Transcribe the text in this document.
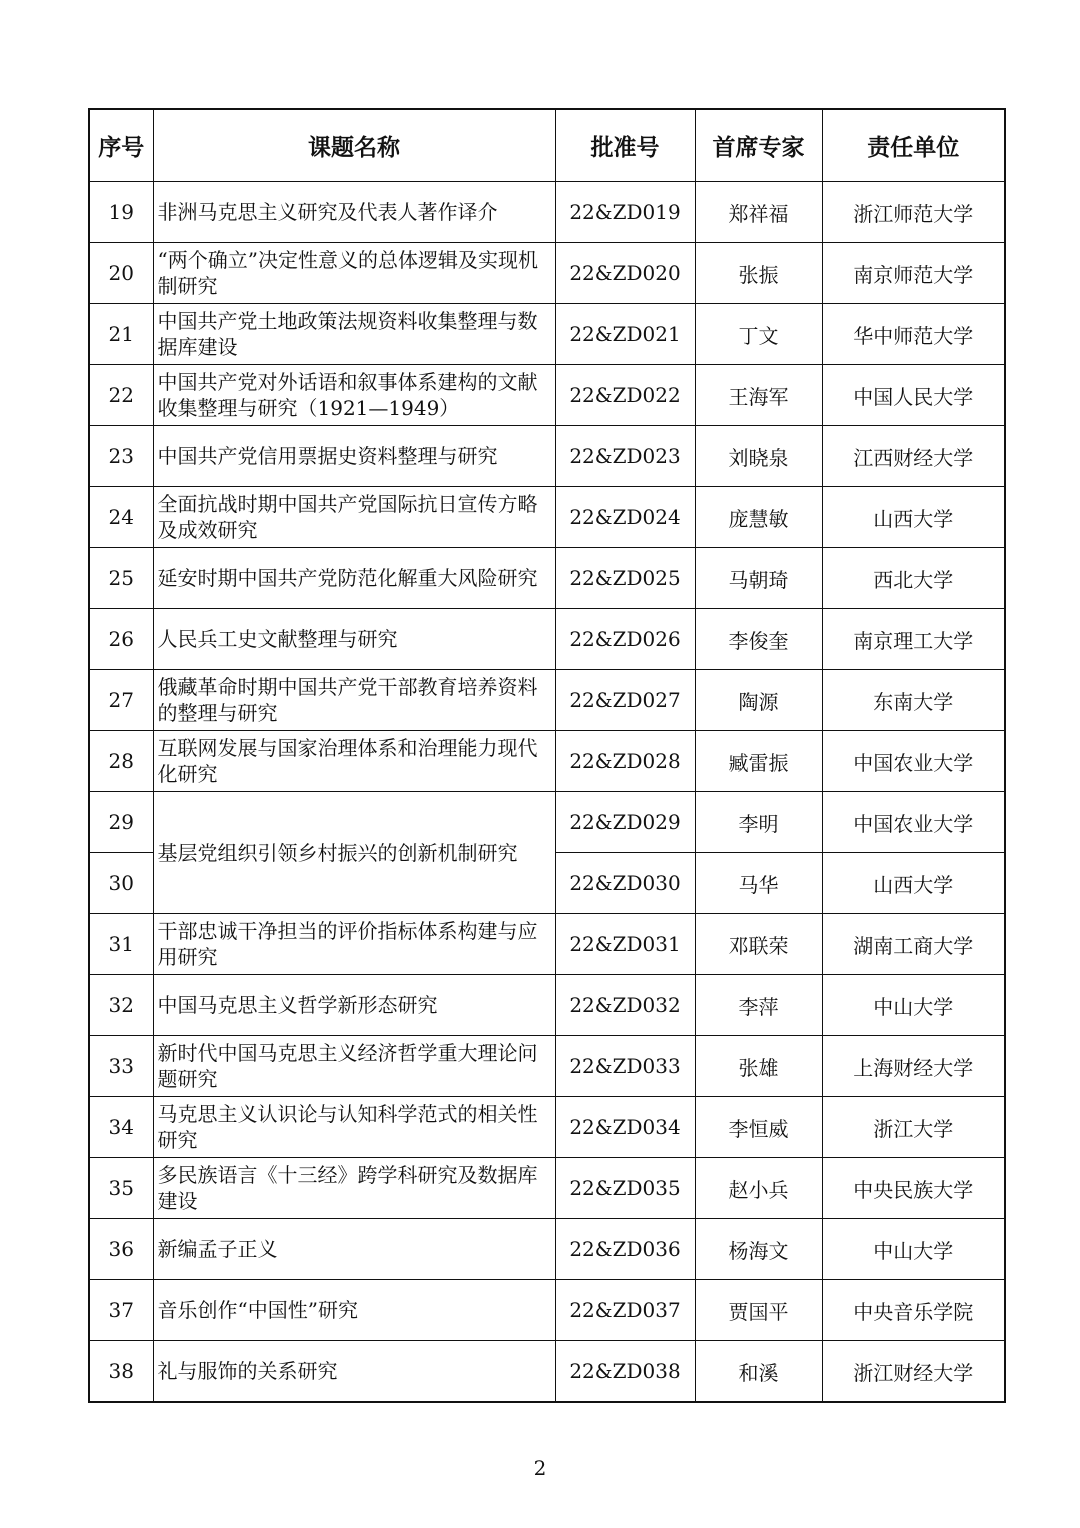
序号	课题名称	批准号	首席专家	责任单位
19	非洲马克思主义研究及代表人著作译介	22&ZD019	郑祥福	浙江师范大学
20	“两个确立”决定性意义的总体逻辑及实现机制研究	22&ZD020	张振	南京师范大学
21	中国共产党土地政策法规资料收集整理与数据库建设	22&ZD021	丁文	华中师范大学
22	中国共产党对外话语和叙事体系建构的文献收集整理与研究（1921—1949）	22&ZD022	王海军	中国人民大学
23	中国共产党信用票据史资料整理与研究	22&ZD023	刘晓泉	江西财经大学
24	全面抗战时期中国共产党国际抗日宣传方略及成效研究	22&ZD024	庞慧敏	山西大学
25	延安时期中国共产党防范化解重大风险研究	22&ZD025	马朝琦	西北大学
26	人民兵工史文献整理与研究	22&ZD026	李俊奎	南京理工大学
27	俄藏革命时期中国共产党干部教育培养资料的整理与研究	22&ZD027	陶源	东南大学
28	互联网发展与国家治理体系和治理能力现代化研究	22&ZD028	臧雷振	中国农业大学
29	基层党组织引领乡村振兴的创新机制研究	22&ZD029	李明	中国农业大学
30		22&ZD030	马华	山西大学
31	干部忠诚干净担当的评价指标体系构建与应用研究	22&ZD031	邓联荣	湖南工商大学
32	中国马克思主义哲学新形态研究	22&ZD032	李萍	中山大学
33	新时代中国马克思主义经济哲学重大理论问题研究	22&ZD033	张雄	上海财经大学
34	马克思主义认识论与认知科学范式的相关性研究	22&ZD034	李恒威	浙江大学
35	多民族语言《十三经》跨学科研究及数据库建设	22&ZD035	赵小兵	中央民族大学
36	新编孟子正义	22&ZD036	杨海文	中山大学
37	音乐创作“中国性”研究	22&ZD037	贾国平	中央音乐学院
38	礼与服饰的关系研究	22&ZD038	和溪	浙江财经大学
2
